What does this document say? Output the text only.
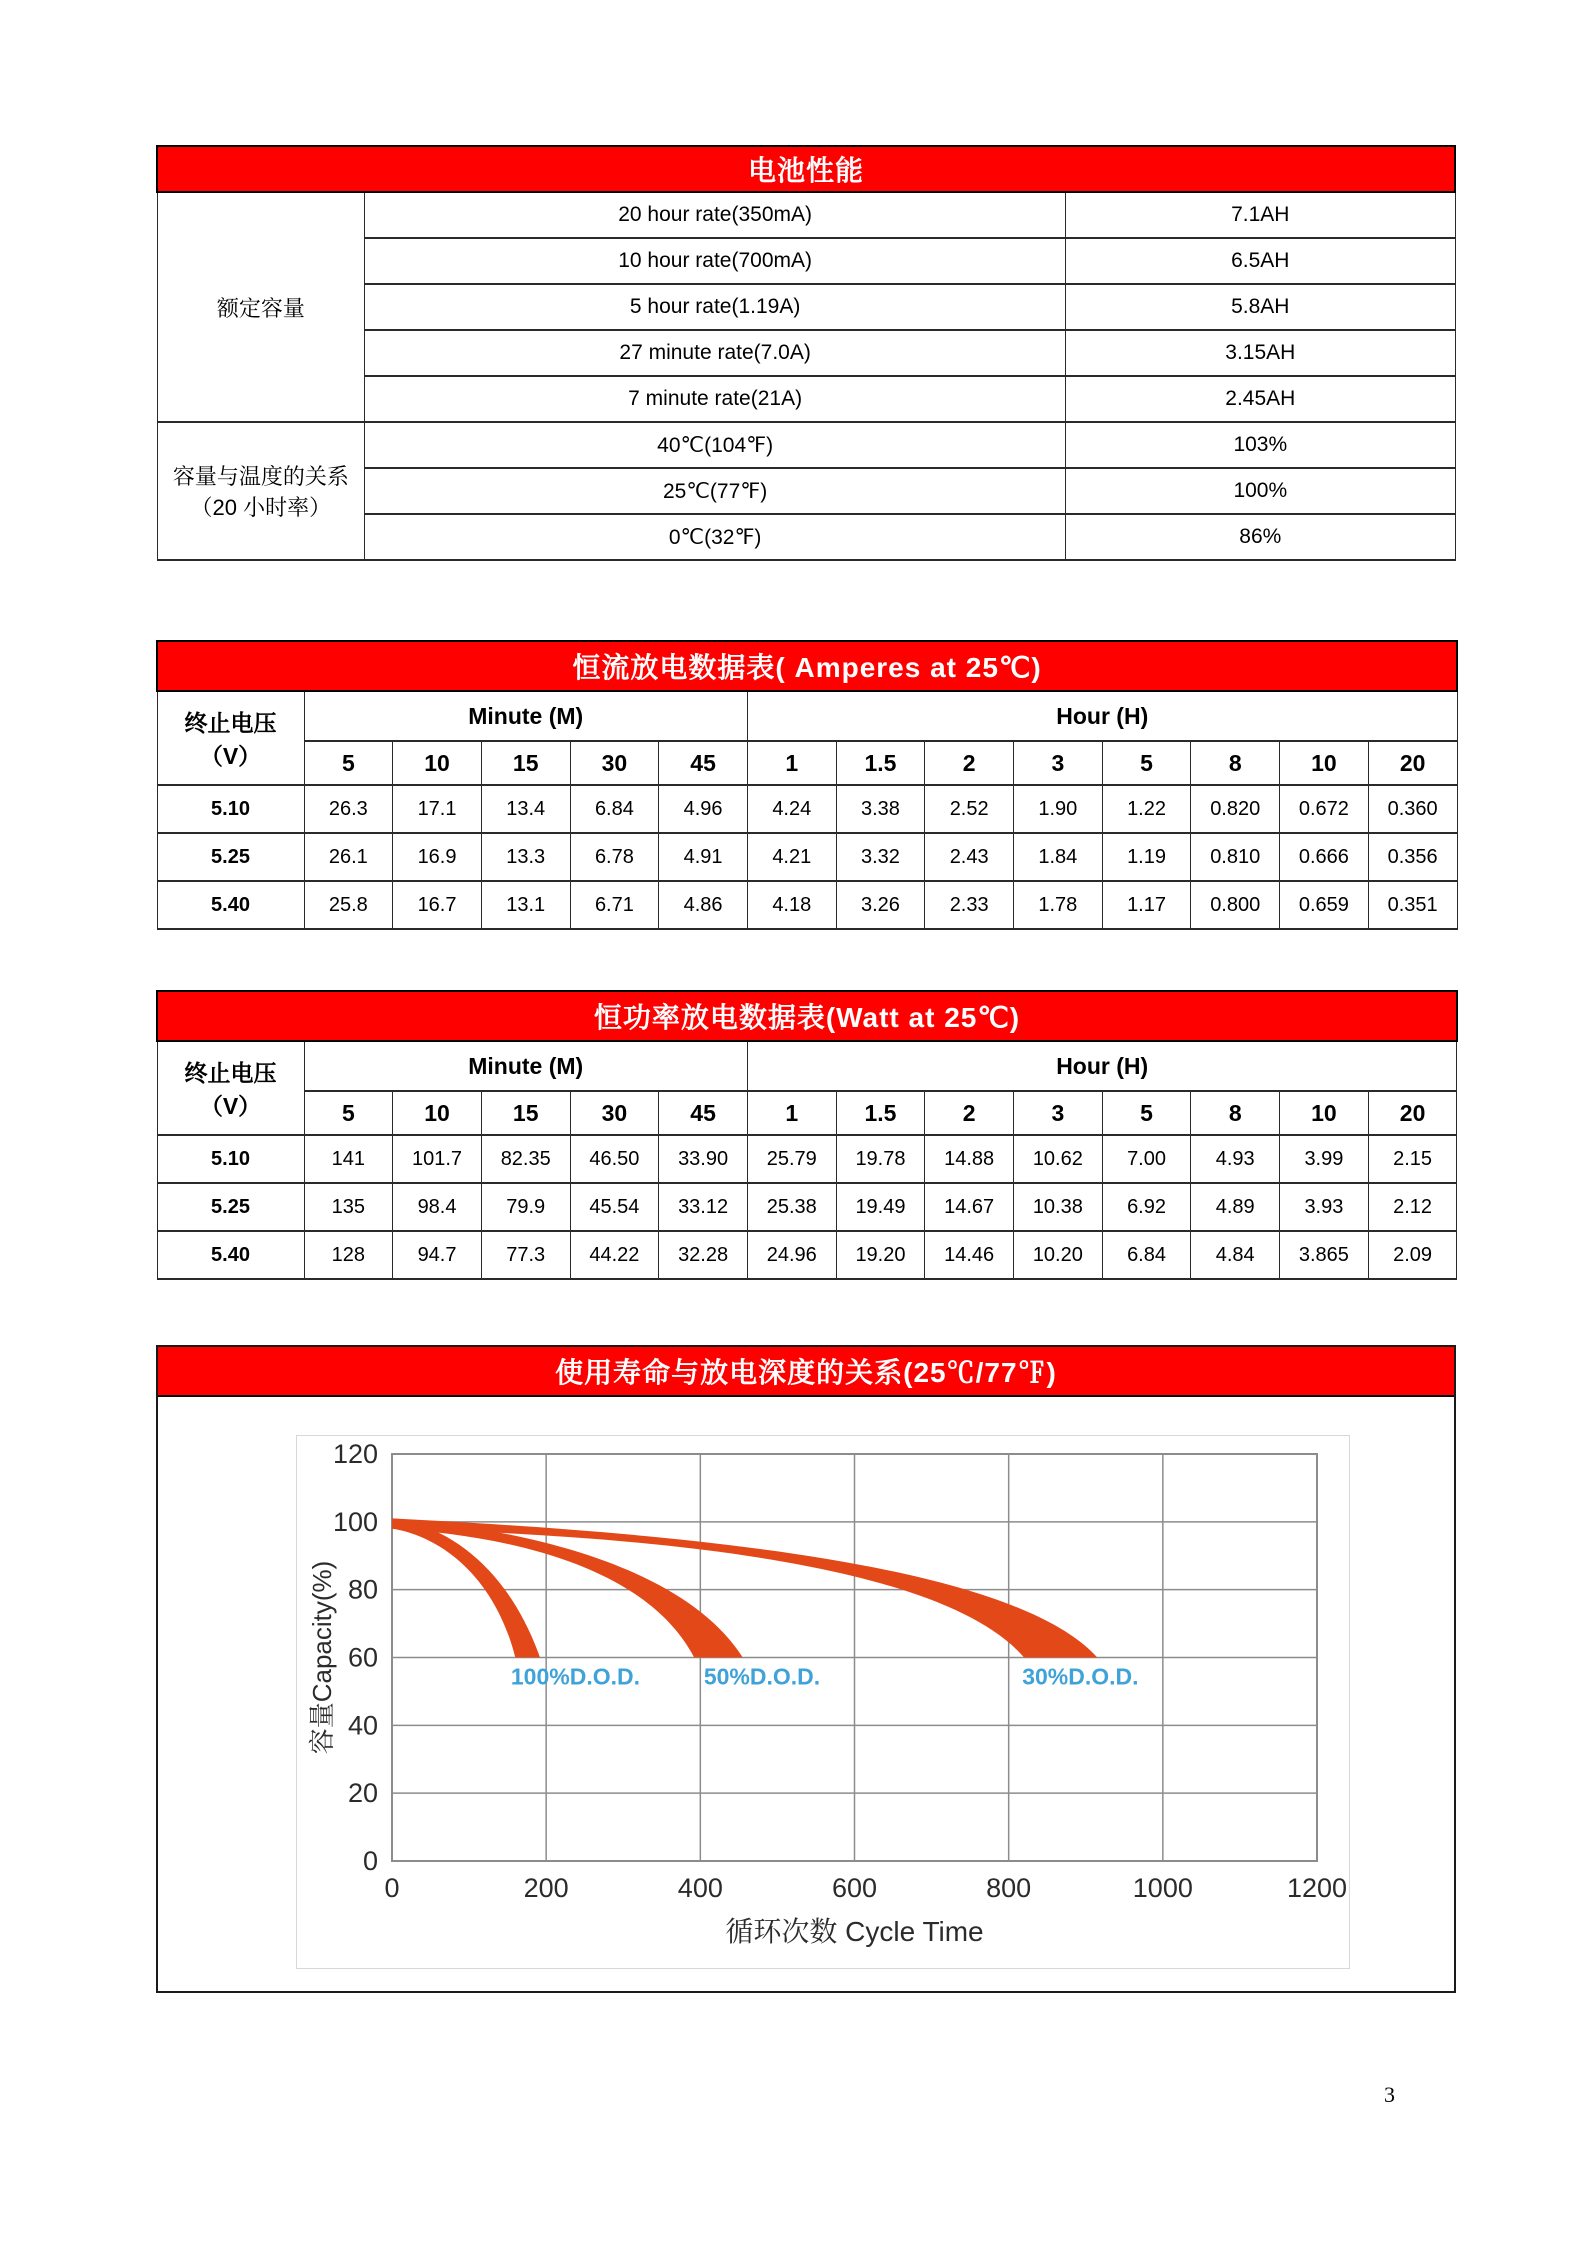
电池性能		
额定容量	20 hour rate(350mA)	7.1AH
	10 hour rate(700mA)	6.5AH
	5 hour rate(1.19A)	5.8AH
	27 minute rate(7.0A)	3.15AH
	7 minute rate(21A)	2.45AH

容量与温度的关系
（20 小时率）	40℃(104℉)	103%
	25℃(77℉)	100%
	0℃(32℉)	86%
恒流放电数据表( Amperes at 25℃)													

终止电压
（V）	Minute (M)					Hour (H)							
	5	10	15	30	45	1	1.5	2	3	5	8	10	20
5.10	26.3	17.1	13.4	6.84	4.96	4.24	3.38	2.52	1.90	1.22	0.820	0.672	0.360
5.25	26.1	16.9	13.3	6.78	4.91	4.21	3.32	2.43	1.84	1.19	0.810	0.666	0.356
5.40	25.8	16.7	13.1	6.71	4.86	4.18	3.26	2.33	1.78	1.17	0.800	0.659	0.351
恒功率放电数据表(Watt at 25℃)													

终止电压
（V）	Minute (M)					Hour (H)							
	5	10	15	30	45	1	1.5	2	3	5	8	10	20
5.10	141	101.7	82.35	46.50	33.90	25.79	19.78	14.88	10.62	7.00	4.93	3.99	2.15
5.25	135	98.4	79.9	45.54	33.12	25.38	19.49	14.67	10.38	6.92	4.89	3.93	2.12
5.40	128	94.7	77.3	44.22	32.28	24.96	19.20	14.46	10.20	6.84	4.84	3.865	2.09
使用寿命与放电深度的关系(25℃/77℉)
100%D.O.D.	50%D.O.D.	30%D.O.D.
0	200	400	600	800	1000	1200
0
20
40
60
80
100
120
循环次数 Cycle Time
容量Capacity(%)
3
